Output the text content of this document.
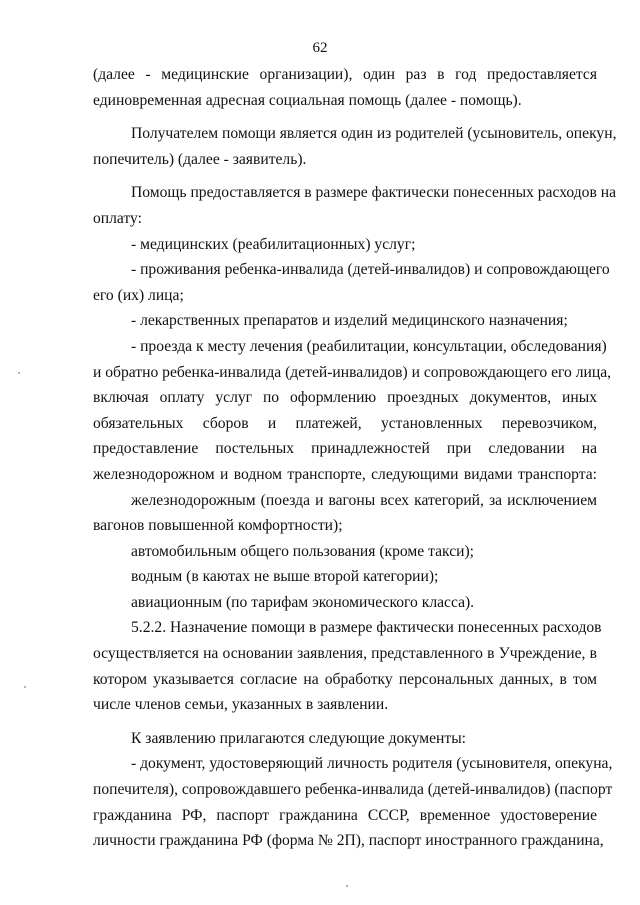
62
(далее - медицинские организации), один раз в год предоставляется
единовременная адресная социальная помощь (далее - помощь).
Получателем помощи является один из родителей (усыновитель, опекун,
попечитель) (далее - заявитель).
Помощь предоставляется в размере фактически понесенных расходов на
оплату:
- медицинских (реабилитационных) услуг;
- проживания ребенка-инвалида (детей-инвалидов) и сопровождающего
его (их) лица;
- лекарственных препаратов и изделий медицинского назначения;
- проезда к месту лечения (реабилитации, консультации, обследования)
и обратно ребенка-инвалида (детей-инвалидов) и сопровождающего его лица,
включая оплату услуг по оформлению проездных документов, иных
обязательных сборов и платежей, установленных перевозчиком,
предоставление постельных принадлежностей при следовании на
железнодорожном и водном транспорте, следующими видами транспорта:
железнодорожным (поезда и вагоны всех категорий, за исключением
вагонов повышенной комфортности);
автомобильным общего пользования (кроме такси);
водным (в каютах не выше второй категории);
авиационным (по тарифам экономического класса).
5.2.2. Назначение помощи в размере фактически понесенных расходов
осуществляется на основании заявления, представленного в Учреждение, в
котором указывается согласие на обработку персональных данных, в том
числе членов семьи, указанных в заявлении.
К заявлению прилагаются следующие документы:
- документ, удостоверяющий личность родителя (усыновителя, опекуна,
попечителя), сопровождавшего ребенка-инвалида (детей-инвалидов) (паспорт
гражданина РФ, паспорт гражданина СССР, временное удостоверение
личности гражданина РФ (форма № 2П), паспорт иностранного гражданина,
